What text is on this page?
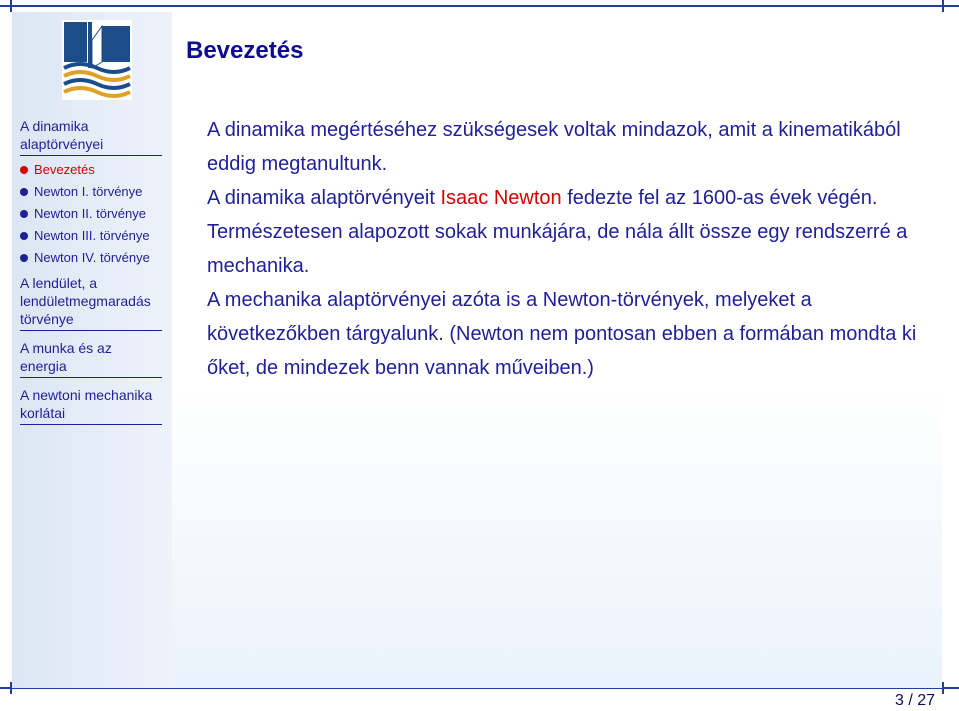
A dinamika alaptörvényei
Bevezetés
Newton I. törvénye
Newton II. törvénye
Newton III. törvénye
Newton IV. törvénye
A lendület, a lendületmegmaradás törvénye
A munka és az energia
A newtoni mechanika korlátai
Bevezetés

A dinamika megértéséhez szükségesek voltak mindazok, amit a kinematikából eddig megtanultunk.

A dinamika alaptörvényeit Isaac Newton fedezte fel az 1600-as évek végén. Természetesen alapozott sokak munkájára, de nála állt össze egy rendszerré a mechanika.

A mechanika alaptörvényei azóta is a Newton-törvények, melyeket a következőkben tárgyalunk. (Newton nem pontosan ebben a formában mondta ki őket, de mindezek benn vannak műveiben.)

3 / 27
